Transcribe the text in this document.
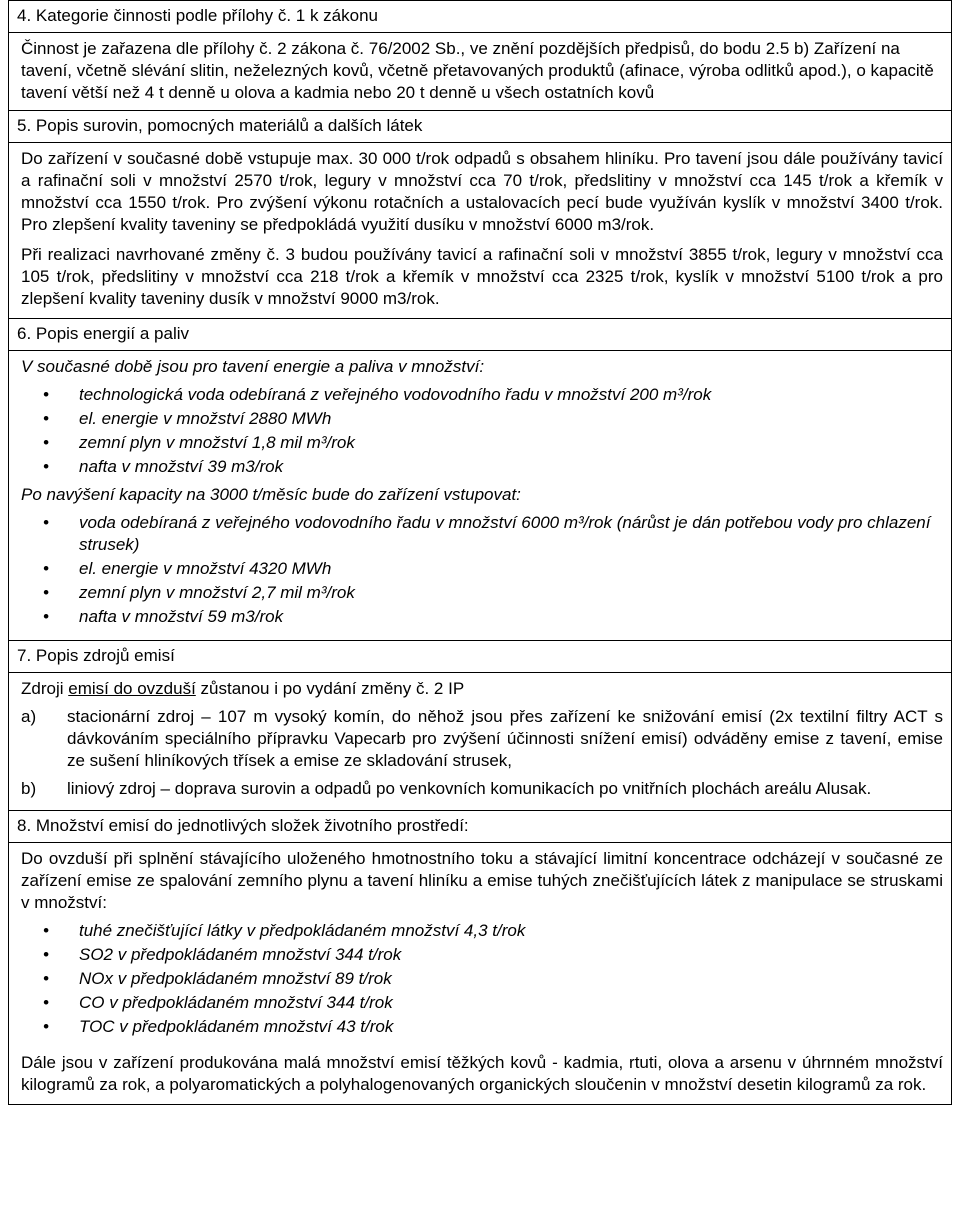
4. Kategorie činnosti podle přílohy č. 1 k zákonu
Činnost je zařazena dle přílohy č. 2 zákona č. 76/2002 Sb., ve znění pozdějších předpisů, do bodu 2.5 b) Zařízení na tavení, včetně slévání slitin, neželezných kovů, včetně přetavovaných produktů (afinace, výroba odlitků apod.), o kapacitě tavení větší než 4 t denně u olova a kadmia nebo 20 t denně u všech ostatních kovů
5. Popis surovin, pomocných materiálů a dalších látek

Do zařízení v současné době vstupuje max. 30 000 t/rok odpadů s obsahem hliníku. Pro tavení jsou dále používány tavicí a rafinační soli v množství 2570 t/rok, legury v množství cca 70 t/rok, předslitiny v množství cca 145 t/rok a křemík v množství cca 1550 t/rok. Pro zvýšení výkonu rotačních a ustalovacích pecí bude využíván kyslík v množství 3400 t/rok. Pro zlepšení kvality taveniny se předpokládá využití dusíku v množství 6000 m3/rok.

Při realizaci navrhované změny č. 3 budou používány tavicí a rafinační soli v množství 3855 t/rok, legury v množství cca 105 t/rok, předslitiny v množství cca 218 t/rok a křemík v množství cca 2325 t/rok, kyslík v množství 5100 t/rok a pro zlepšení kvality taveniny dusík v množství 9000 m3/rok.

6. Popis energií a paliv

V současné době jsou pro tavení energie a paliva v množství:

• technologická voda odebíraná z veřejného vodovodního řadu v množství 200 m³/rok
• el. energie v množství 2880 MWh
• zemní plyn v množství 1,8 mil m³/rok
• nafta v množství 39 m3/rok

Po navýšení kapacity na 3000 t/měsíc bude do zařízení vstupovat:

• voda odebíraná z veřejného vodovodního řadu v množství 6000 m³/rok (nárůst je dán potřebou vody pro chlazení strusek)
• el. energie v množství 4320 MWh
• zemní plyn v množství 2,7 mil m³/rok
• nafta v množství 59 m3/rok
7. Popis zdrojů emisí

Zdroji emisí do ovzduší zůstanou i po vydání změny č. 2 IP

a)	stacionární zdroj – 107 m vysoký komín, do něhož jsou přes zařízení ke snižování emisí (2x textilní filtry ACT s dávkováním speciálního přípravku Vapecarb pro zvýšení účinnosti snížení emisí) odváděny emise z tavení, emise ze sušení hliníkových třísek a emise ze skladování strusek,
b)	liniový zdroj – doprava surovin a odpadů po venkovních komunikacích po vnitřních plochách areálu Alusak.
8. Množství emisí do jednotlivých složek životního prostředí:

Do ovzduší při splnění stávajícího uloženého hmotnostního toku a stávající limitní koncentrace odcházejí v současné ze zařízení emise ze spalování zemního plynu a tavení hliníku a emise tuhých znečišťujících látek z manipulace se struskami v množství:

• tuhé znečišťující látky v předpokládaném množství 4,3 t/rok
• SO2 v předpokládaném množství 344 t/rok
• NOx v předpokládaném množství 89 t/rok
• CO v předpokládaném množství 344 t/rok
• TOC v předpokládaném množství 43 t/rok

Dále jsou v zařízení produkována malá množství emisí těžkých kovů - kadmia, rtuti, olova a arsenu v úhrnném množství kilogramů za rok, a polyaromatických a polyhalogenovaných organických sloučenin v množství desetin kilogramů za rok.
